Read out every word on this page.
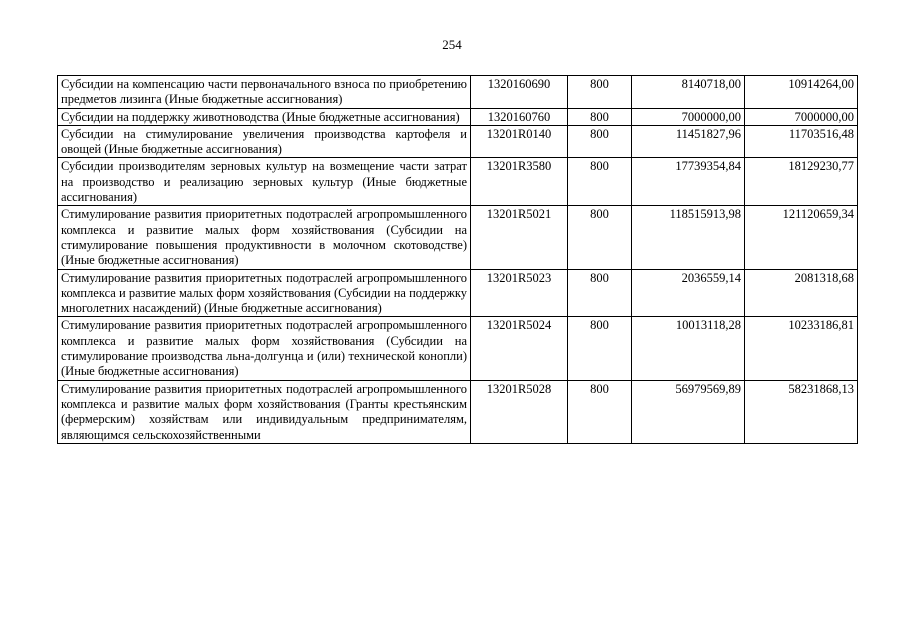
254
Субсидии на компенсацию части первоначального взноса по приобретению предметов лизинга (Иные бюджетные ассигнования)	1320160690	800	8140718,00	10914264,00
Субсидии на поддержку животноводства (Иные бюджетные ассигнования)	1320160760	800	7000000,00	7000000,00
Субсидии на стимулирование увеличения производства картофеля и овощей (Иные бюджетные ассигнования)	13201R0140	800	11451827,96	11703516,48
Субсидии производителям зерновых культур на возмещение части затрат на производство и реализацию зерновых культур (Иные бюджетные ассигнования)	13201R3580	800	17739354,84	18129230,77
Стимулирование развития приоритетных подотраслей агропромышленного комплекса и развитие малых форм хозяйствования (Субсидии на стимулирование повышения продуктивности в молочном скотоводстве) (Иные бюджетные ассигнования)	13201R5021	800	118515913,98	121120659,34
Стимулирование развития приоритетных подотраслей агропромышленного комплекса и развитие малых форм хозяйствования (Субсидии на поддержку многолетних насаждений) (Иные бюджетные ассигнования)	13201R5023	800	2036559,14	2081318,68
Стимулирование развития приоритетных подотраслей агропромышленного комплекса и развитие малых форм хозяйствования (Субсидии на стимулирование производства льна-долгунца и (или) технической конопли) (Иные бюджетные ассигнования)	13201R5024	800	10013118,28	10233186,81
Стимулирование развития приоритетных подотраслей агропромышленного комплекса и развитие малых форм хозяйствования (Гранты крестьянским (фермерским) хозяйствам или индивидуальным предпринимателям, являющимся сельскохозяйственными	13201R5028	800	56979569,89	58231868,13
